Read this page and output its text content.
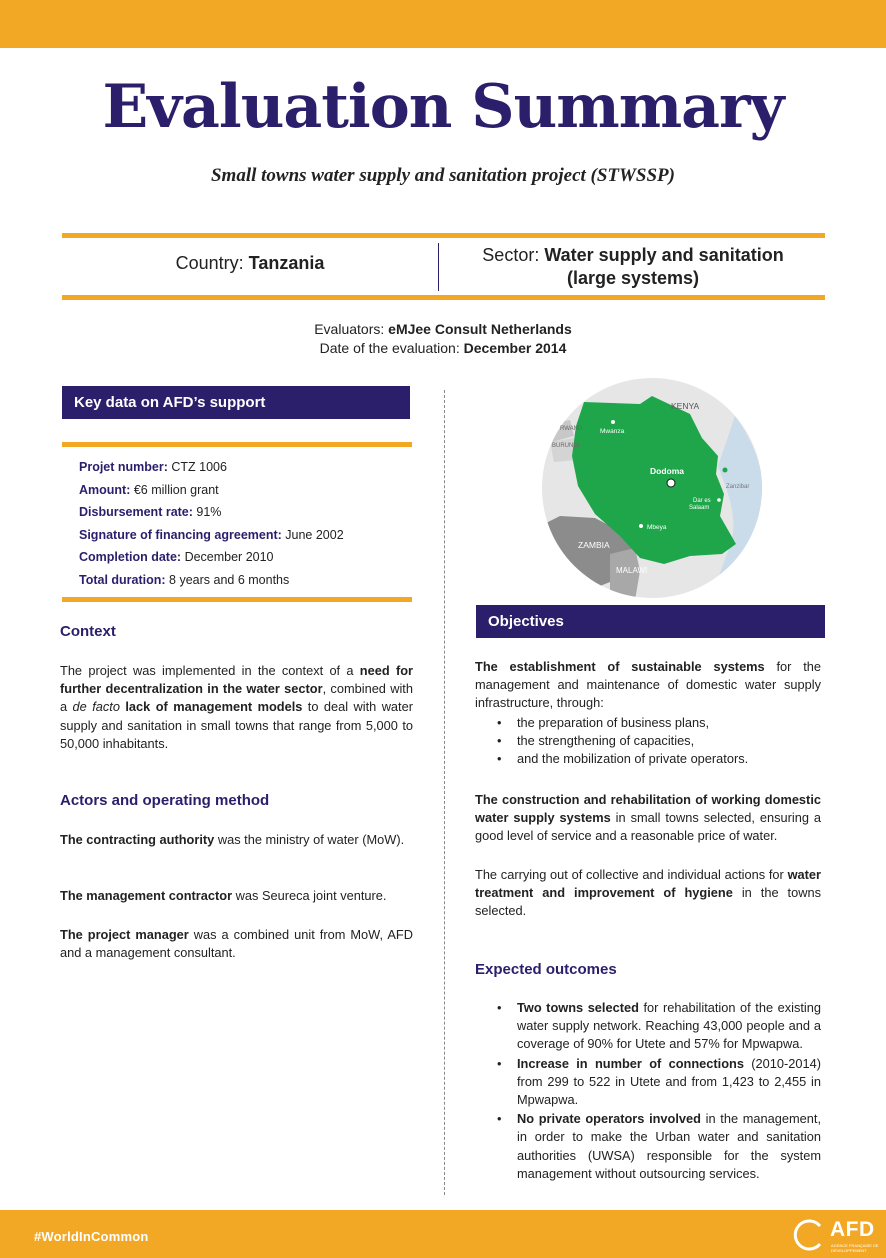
Evaluation Summary
Small towns water supply and sanitation project (STWSSP)
Country: Tanzania	Sector: Water supply and sanitation
(large systems)
Evaluators: eMJee Consult Netherlands
Date of the evaluation: December 2014
Key data on AFD’s support
Projet number: CTZ 1006
Amount: €6 million grant
Disbursement rate: 91%
Signature of financing agreement: June 2002
Completion date: December 2010
Total duration: 8 years and 6 months
Context
The project was implemented in the context of a need for further decentralization in the water sector, combined with a de facto lack of management models to deal with water supply and sanitation in small towns that range from 5,000 to 50,000 inhabitants.
Actors and operating method
The contracting authority was the ministry of water (MoW).
The management contractor was Seureca joint venture.
The project manager was a combined unit from MoW, AFD and a management consultant.
KENYA
RWAND
BURUNDI
Mwanza
Dodoma
Zanzibar
Dar es
Salaam
Mbeya
ZAMBIA
MALAWI
Objectives
The establishment of sustainable systems for the management and maintenance of domestic water supply infrastructure, through:
• the preparation of business plans,
• the strengthening of capacities,
• and the mobilization of private operators.
The construction and rehabilitation of working domestic water supply systems in small towns selected, ensuring a good level of service and a reasonable price of water.
The carrying out of collective and individual actions for water treatment and improvement of hygiene in the towns selected.
Expected outcomes
• Two towns selected for rehabilitation of the existing water supply network. Reaching 43,000 people and a coverage of 90% for Utete and 57% for Mpwapwa.
• Increase in number of connections (2010-2014) from 299 to 522 in Utete and from 1,423 to 2,455 in Mpwapwa.
• No private operators involved in the management, in order to make the Urban water and sanitation authorities (UWSA) responsible for the system management without outsourcing services.
#WorldInCommon	AFD
AGENCE FRANÇAISE DE DÉVELOPPEMENT
